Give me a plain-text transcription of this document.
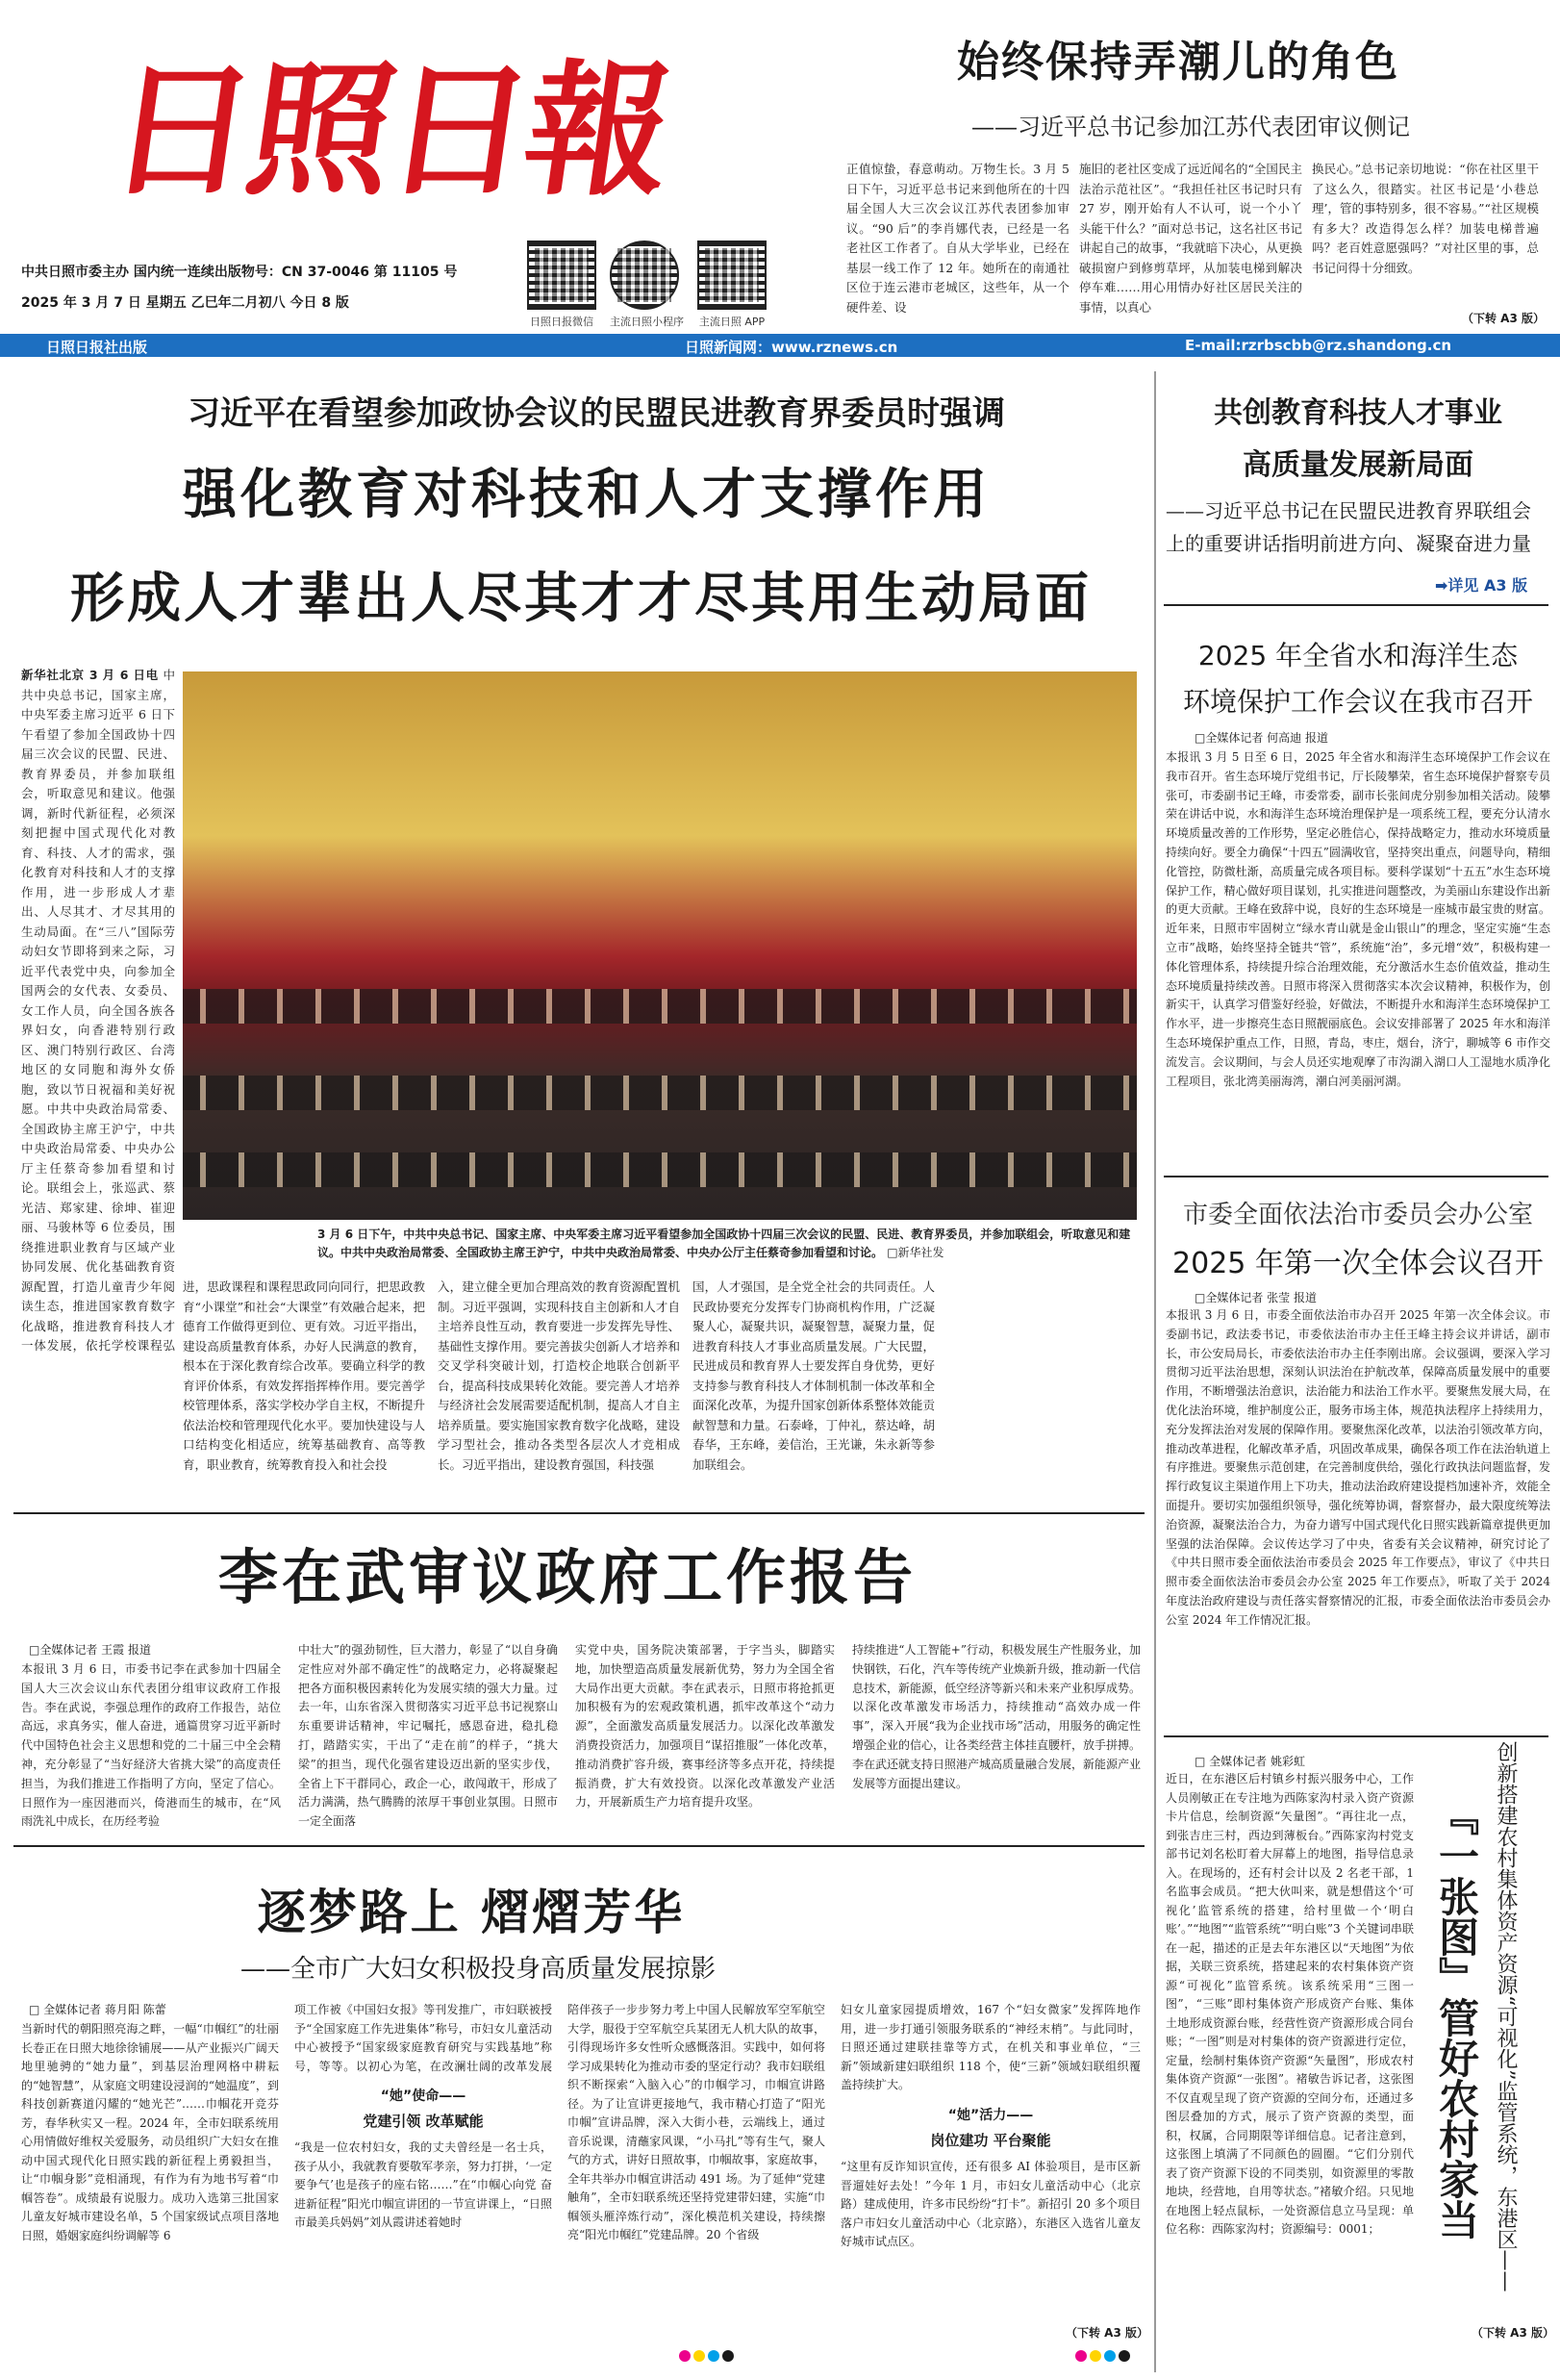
日照日報
中共日照市委主办 国内统一连续出版物号：CN 37-0046 第 11105 号
2025 年 3 月 7 日 星期五 乙巳年二月初八 今日 8 版
日照日报微信 主流日照小程序 主流日照 APP
始终保持弄潮儿的角色
——习近平总书记参加江苏代表团审议侧记
正值惊蛰，春意萌动。万物生长。3 月 5 日下午，习近平总书记来到他所在的十四届全国人大三次会议江苏代表团参加审议。“90 后”的李肖娜代表，已经是一名老社区工作者了。自从大学毕业，已经在基层一线工作了 12 年。她所在的南通社区位于连云港市老城区，这些年，从一个硬件差、设
施旧的老社区变成了远近闻名的“全国民主法治示范社区”。“我担任社区书记时只有 27 岁，刚开始有人不认可，说一个小丫头能干什么？”面对总书记，这名社区书记讲起自己的故事，“我就暗下决心，从更换破损窗户到修剪草坪，从加装电梯到解决停车难……用心用情办好社区居民关注的事情，以真心
换民心。”总书记亲切地说：“你在社区里干了这么久，很踏实。社区书记是‘小巷总理’，管的事特别多，很不容易。”“社区规模有多大？改造得怎么样？加装电梯普遍吗？老百姓意愿强吗？”对社区里的事，总书记问得十分细致。
（下转 A3 版）
日照日报社出版	日照新闻网：www.rznews.cn	E-mail:rzrbscbb@rz.shandong.cn
习近平在看望参加政协会议的民盟民进教育界委员时强调
强化教育对科技和人才支撑作用
形成人才辈出人尽其才才尽其用生动局面
新华社北京 3 月 6 日电 中共中央总书记，国家主席，中央军委主席习近平 6 日下午看望了参加全国政协十四届三次会议的民盟、民进、教育界委员，并参加联组会，听取意见和建议。他强调，新时代新征程，必须深刻把握中国式现代化对教育、科技、人才的需求，强化教育对科技和人才的支撑作用，进一步形成人才辈出、人尽其才、才尽其用的生动局面。在“三八”国际劳动妇女节即将到来之际，习近平代表党中央，向参加全国两会的女代表、女委员、女工作人员，向全国各族各界妇女，向香港特别行政区、澳门特别行政区、台湾地区的女同胞和海外女侨胞，致以节日祝福和美好祝愿。中共中央政治局常委、全国政协主席王沪宁，中共中央政治局常委、中央办公厅主任蔡奇参加看望和讨论。联组会上，张巡武、蔡光洁、郑家建、徐坤、崔迎丽、马骏林等 6 位委员，围绕推进职业教育与区域产业协同发展、优化基础教育资源配置，打造儿童青少年阅读生态，推进国家教育数字化战略，推进教育科技人才一体发展，依托学校课程弘
3 月 6 日下午，中共中央总书记、国家主席、中央军委主席习近平看望参加全国政协十四届三次会议的民盟、民进、教育界委员，并参加联组会，听取意见和建议。中共中央政治局常委、全国政协主席王沪宁，中共中央政治局常委、中央办公厅主任蔡奇参加看望和讨论。 □新华社发
进，思政课程和课程思政同向同行，把思政教育“小课堂”和社会“大课堂”有效融合起来，把德育工作做得更到位、更有效。习近平指出，建设高质量教育体系，办好人民满意的教育，根本在于深化教育综合改革。要确立科学的教育评价体系，有效发挥指挥棒作用。要完善学校管理体系，落实学校办学自主权，不断提升依法治校和管理现代化水平。要加快建设与人口结构变化相适应，统筹基础教育、高等教育，职业教育，统筹教育投入和社会投
入，建立健全更加合理高效的教育资源配置机制。习近平强调，实现科技自主创新和人才自主培养良性互动，教育要进一步发挥先导性、基础性支撑作用。要完善拔尖创新人才培养和交叉学科突破计划，打造校企地联合创新平台，提高科技成果转化效能。要完善人才培养与经济社会发展需要适配机制，提高人才自主培养质量。要实施国家教育数字化战略，建设学习型社会，推动各类型各层次人才竞相成长。习近平指出，建设教育强国，科技强
国，人才强国，是全党全社会的共同责任。人民政协要充分发挥专门协商机构作用，广泛凝聚人心，凝聚共识，凝聚智慧，凝聚力量，促进教育科技人才事业高质量发展。广大民盟，民进成员和教育界人士要发挥自身优势，更好支持参与教育科技人才体制机制一体改革和全面深化改革，为提升国家创新体系整体效能贡献智慧和力量。石泰峰，丁仲礼，蔡达峰，胡春华，王东峰，姜信治，王光谦，朱永新等参加联组会。
共创教育科技人才事业
高质量发展新局面
——习近平总书记在民盟民进教育界联组会上的重要讲话指明前进方向、凝聚奋进力量
➡详见 A3 版
2025 年全省水和海洋生态
环境保护工作会议在我市召开
□全媒体记者 何高迪 报道
本报讯 3 月 5 日至 6 日，2025 年全省水和海洋生态环境保护工作会议在我市召开。省生态环境厅党组书记，厅长陵攀荣，省生态环境保护督察专员张可，市委副书记王峰，市委常委，副市长张间虎分别参加相关活动。陵攀荣在讲话中说，水和海洋生态环境治理保护是一项系统工程，要充分认清水环境质量改善的工作形势，坚定必胜信心，保持战略定力，推动水环境质量持续向好。要全力确保“十四五”圆满收官，坚持突出重点，问题导向，精细化管控，防微杜渐，高质量完成各项目标。要科学谋划“十五五”水生态环境保护工作，精心做好项目谋划，扎实推进问题整改，为美丽山东建设作出新的更大贡献。王峰在致辞中说，良好的生态环境是一座城市最宝贵的财富。近年来，日照市牢固树立“绿水青山就是金山银山”的理念，坚定实施“生态立市”战略，始终坚持全链共“管”，系统施“治”，多元增“效”，积极构建一体化管理体系，持续提升综合治理效能，充分激活水生态价值效益，推动生态环境质量持续改善。日照市将深入贯彻落实本次会议精神，积极作为，创新实干，认真学习借鉴好经验，好做法，不断提升水和海洋生态环境保护工作水平，进一步擦亮生态日照靓丽底色。会议安排部署了 2025 年水和海洋生态环境保护重点工作，日照，青岛，枣庄，烟台，济宁，聊城等 6 市作交流发言。会议期间，与会人员还实地观摩了市沟湖入湖口人工湿地水质净化工程项目，张北湾美丽海湾，潮白河美丽河湖。
市委全面依法治市委员会办公室
2025 年第一次全体会议召开
□全媒体记者 张莹 报道
本报讯 3 月 6 日，市委全面依法治市办召开 2025 年第一次全体会议。市委副书记，政法委书记，市委依法治市办主任王峰主持会议并讲话，副市长，市公安局局长，市委依法治市办主任李刚出席。会议强调，要深入学习贯彻习近平法治思想，深刻认识法治在护航改革，保障高质量发展中的重要作用，不断增强法治意识，法治能力和法治工作水平。要聚焦发展大局，在优化法治环境，维护制度公正，服务市场主体，规范执法程序上持续用力，充分发挥法治对发展的保障作用。要聚焦深化改革，以法治引领改革方向，推动改革进程，化解改革矛盾，巩固改革成果，确保各项工作在法治轨道上有序推进。要聚焦示范创建，在完善制度供给，强化行政执法问题监督，发挥行政复议主渠道作用上下功夫，推动法治政府建设提档加速补齐，效能全面提升。要切实加强组织领导，强化统筹协调，督察督办，最大限度统筹法治资源，凝聚法治合力，为奋力谱写中国式现代化日照实践新篇章提供更加坚强的法治保障。会议传达学习了中央，省委有关会议精神，研究讨论了《中共日照市委全面依法治市委员会 2025 年工作要点》，审议了《中共日照市委全面依法治市委员会办公室 2025 年工作要点》，听取了关于 2024 年度法治政府建设与责任落实督察情况的汇报，市委全面依法治市委员会办公室 2024 年工作情况汇报。
李在武审议政府工作报告
□全媒体记者 王霞 报道
本报讯 3 月 6 日，市委书记李在武参加十四届全国人大三次会议山东代表团分组审议政府工作报告。李在武说，李强总理作的政府工作报告，站位高远，求真务实，催人奋进，通篇贯穿习近平新时代中国特色社会主义思想和党的二十届三中全会精神，充分彰显了“当好経济大省挑大梁”的高度责任担当，为我们推进工作指明了方向，坚定了信心。日照作为一座因港而兴，倚港而生的城市，在“风雨洗礼中成长，在历经考验
中壮大”的强劲韧性，巨大潜力，彰显了“以自身确定性应对外部不确定性”的战略定力，必将凝聚起把各方面积极因素转化为发展实绩的强大力量。过去一年，山东省深入贯彻落实习近平总书记视察山东重要讲话精神，牢记嘱托，感恩奋进，稳扎稳打，踏踏实实，干出了“走在前”的样子，“挑大梁”的担当，现代化强省建设迈出新的坚实步伐，全省上下干群同心，政企一心，敢闯敢干，形成了活力满满，热气腾腾的浓厚干事创业氛围。日照市一定全面落
实党中央，国务院决策部署，于字当头，脚踏实地，加快塑造高质量发展新优势，努力为全国全省大局作出更大贡献。李在武表示，日照市将抢抓更加积极有为的宏观政策机遇，抓牢改革这个“动力源”，全面激发高质量发展活力。以深化改革激发消费投资活力，加强项目“谋招推服”一体化改革，推动消费扩容升级，赛事经济等多点开花，持续提振消费，扩大有效投资。以深化改革激发产业活力，开展新质生产力培育提升攻坚。
持续推进“人工智能+”行动，积极发展生产性服务业，加快钢铁，石化，汽车等传统产业焕新升级，推动新一代信息技术，新能源，低空经济等新兴和未来产业积厚成势。以深化改革激发市场活力，持续推动“高效办成一件事”，深入开展“我为企业找市场”活动，用服务的确定性增强企业的信心，让各类经营主体挂直腰杆，放手拼搏。李在武还就支持日照港产城高质量融合发展，新能源产业发展等方面提出建议。
逐梦路上 熠熠芳华
——全市广大妇女积极投身高质量发展掠影
□ 全媒体记者 蒋月阳 陈蕾
当新时代的朝阳照亮海之畔，一幅“巾帼红”的壮丽长卷正在日照大地徐徐铺展——从产业振兴广阔天地里驰骋的“她力量”，到基层治理网格中耕耘的“她智慧”，从家庭文明建设浸润的“她温度”，到科技创新赛道闪耀的“她光芒”……巾帼花开竞芬芳，春华秋实又一程。2024 年，全市妇联系统用心用情做好维权关爱服务，动员组织广大妇女在推动中国式现代化日照实践的新征程上勇毅担当，让“巾帼身影”竞相涌现，有作为有为地书写着“巾帼答卷”。成绩最有说服力。成功入选第三批国家儿童友好城市建设名单，5 个国家级试点项目落地日照，婚姻家庭纠纷调解等 6
项工作被《中国妇女报》等刊发推广，市妇联被授予“全国家庭工作先进集体”称号，市妇女儿童活动中心被授予“国家级家庭教育研究与实践基地”称号，等等。以初心为笔，在改澜壮阔的改革发展
“她”使命——
党建引领 改革赋能
“我是一位农村妇女，我的丈夫曾经是一名士兵，孩子从小，我就教育要敬军孝亲，努力打拼，‘一定要争气’也是孩子的座右铭……”在“巾帼心向党 奋进新征程”阳光巾帼宣讲团的一节宣讲课上，“日照市最美兵妈妈”刘从霞讲述着她时
陪伴孩子一步步努力考上中国人民解放军空军航空大学，服役于空军航空兵某团无人机大队的故事，引得现场许多女性听众感慨落泪。实践中，如何将学习成果转化为推动市委的坚定行动？我市妇联组织不断探索“入脑入心”的巾帼学习，巾帼宣讲路径。为了让宣讲更接地气，我市精心打造了“阳光巾帼”宣讲品牌，深入大街小巷，云端线上，通过音乐说课，清蘸家风课，“小马扎”等有生气，聚人气的方式，讲好日照故事，巾帼故事，家庭故事，全年共举办巾帼宣讲活动 491 场。为了延伸“党建触角”，全市妇联系统还坚持党建带妇建，实施“巾帼领头雁淬炼行动”，深化模范机关建设，持续擦亮“阳光巾帼红”党建品牌。20 个省级
妇女儿童家园提质增效，167 个“妇女微家”发挥阵地作用，进一步打通引领服务联系的“神经末梢”。与此同时，日照还通过建联挂靠等方式，在机关和事业单位，“三新”领域新建妇联组织 118 个，使“三新”领域妇联组织覆盖持续扩大。
“她”活力——
岗位建功 平台聚能
“这里有反诈知识宣传，还有很多 AI 体验项目，是市区新晋遛娃好去处！”今年 1 月，市妇女儿童活动中心（北京路）建成使用，许多市民纷纷“打卡”。新招引 20 多个项目落户市妇女儿童活动中心（北京路），东港区入选省儿童友好城市试点区。
（下转 A3 版）
□ 全媒体记者 姚彩虹
近日，在东港区后村镇乡村振兴服务中心，工作人员刚敏正在专注地为西陈家沟村录入资产资源卡片信息，绘制资源“矢量图”。“再往北一点，到张吉庄三村，西边到薄板台。”西陈家沟村党支部书记刘名松盯着大屏幕上的地图，指导信息录入。在现场的，还有村会计以及 2 名老干部，1 名监事会成员。“把大伙叫来，就是想借这个‘可视化’监管系统的搭建，给村里做一个‘明白账’。”“地图”“监管系统”“明白账”3 个关键词串联在一起，描述的正是去年东港区以“天地图”为依据，关联三资系统，搭建起来的农村集体资产资源“可视化”监管系统。该系统采用“三图一图”，“三账”即村集体资产形成资产台账、集体土地形成资源台账，经营性资产资源形成合同台账；“一图”则是对村集体的资产资源进行定位，定量，绘制村集体资产资源“矢量图”，形成农村集体资产资源“一张图”。褚敏告诉记者，这张图不仅直观呈现了资产资源的空间分布，还通过多图层叠加的方式，展示了资产资源的类型，面积，权属，合同期限等详细信息。记者注意到，这张图上填满了不同颜色的圆圈。“它们分别代表了资产资源下设的不同类别，如资源里的零散地块，经营地，自用等状态。”褚敏介绍。只见地在地图上轻点鼠标，一处资源信息立马呈现：单位名称：西陈家沟村；资源编号：0001；	『一张图』管好农村家当 创新搭建农村集体资产资源“可视化”监管系统，东港区——
（下转 A3 版）
